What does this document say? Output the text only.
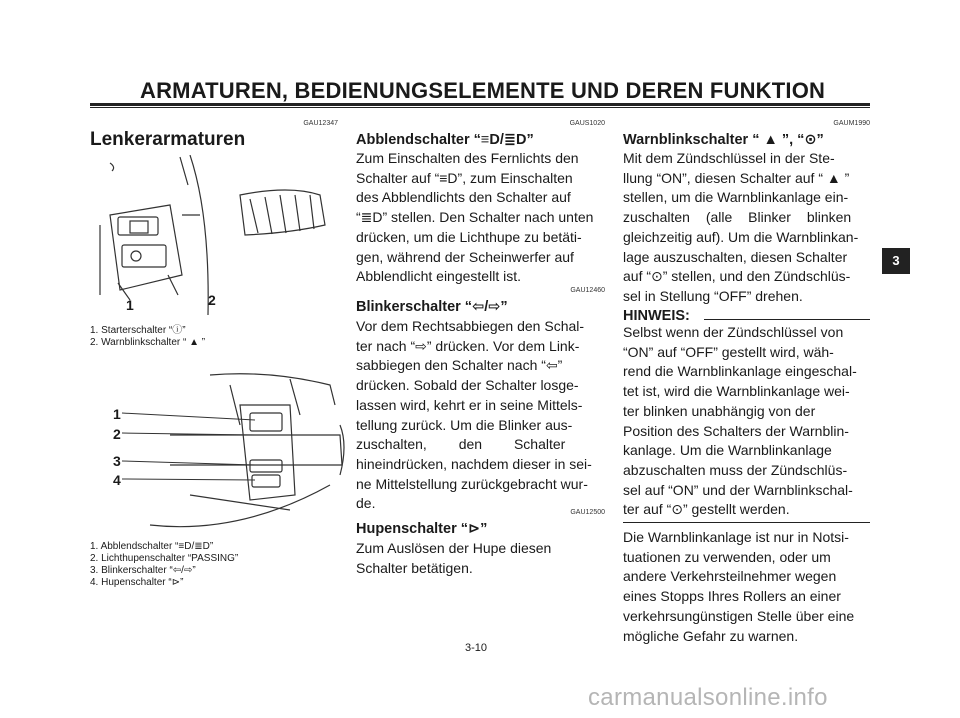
ARMATUREN, BEDIENUNGSELEMENTE UND DEREN FUNKTION
3
GAU12347
Lenkerarmaturen
1	2
1. Starterschalter “ⓘ”
2. Warnblinkschalter “ ▲ ”
1
2
3
4
1. Abblendschalter “≡D/≣D”
2. Lichthupenschalter “PASSING”
3. Blinkerschalter “⇦/⇨”
4. Hupenschalter “⊳”
GAUS1020
Abblendschalter “≡D/≣D”
Zum Einschalten des Fernlichts den
Schalter auf “≡D”, zum Einschalten
des Abblendlichts den Schalter auf
“≣D” stellen. Den Schalter nach unten
drücken, um die Lichthupe zu betäti-
gen, während der Scheinwerfer auf
Abblendlicht eingestellt ist.
GAU12460
Blinkerschalter “⇦/⇨”
Vor dem Rechtsabbiegen den Schal-
ter nach “⇨” drücken. Vor dem Link-
sabbiegen den Schalter nach “⇦”
drücken. Sobald der Schalter losge-
lassen wird, kehrt er in seine Mittels-
tellung zurück. Um die Blinker aus-
zuschalten, den Schalter
hineindrücken, nachdem dieser in sei-
ne Mittelstellung zurückgebracht wur-
de.
GAU12500
Hupenschalter “⊳”
Zum Auslösen der Hupe diesen
Schalter betätigen.
GAUM1990
Warnblinkschalter “ ▲ ”, “⊙”
Mit dem Zündschlüssel in der Ste-
llung “ON”, diesen Schalter auf “ ▲ ”
stellen, um die Warnblinkanlage ein-
zuschalten (alle Blinker blinken
gleichzeitig auf). Um die Warnblinkan-
lage auszuschalten, diesen Schalter
auf “⊙” stellen, und den Zündschlüs-
sel in Stellung “OFF” drehen.
HINWEIS:
Selbst wenn der Zündschlüssel von
“ON” auf “OFF” gestellt wird, wäh-
rend die Warnblinkanlage eingeschal-
tet ist, wird die Warnblinkanlage wei-
ter blinken unabhängig von der
Position des Schalters der Warnblin-
kanlage. Um die Warnblinkanlage
abzuschalten muss der Zündschlüs-
sel auf “ON” und der Warnblinkschal-
ter auf “⊙” gestellt werden.
Die Warnblinkanlage ist nur in Notsi-
tuationen zu verwenden, oder um
andere Verkehrsteilnehmer wegen
eines Stopps Ihres Rollers an einer
verkehrsungünstigen Stelle über eine
mögliche Gefahr zu warnen.
3-10
carmanualsonline.info
